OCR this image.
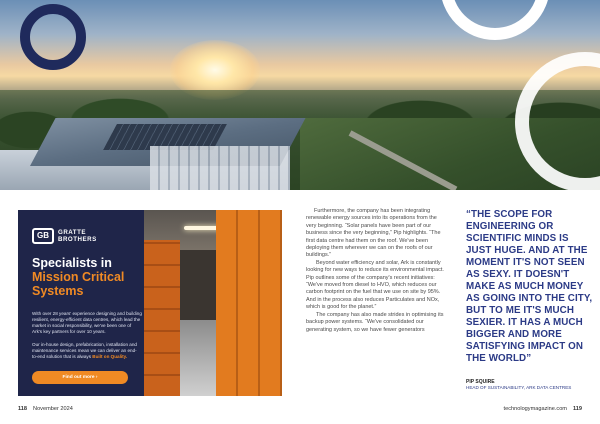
GB	GRATTE
BROTHERS
Specialists in
Mission Critical
Systems
With over 28 years' experience designing and building resilient, energy-efficient data centres, which lead the market in social responsibility, we've been one of Ark's key partners for over 10 years.
Our in-house design, prefabrication, installation and maintenance services mean we can deliver an end-to-end solution that is always Built on Quality.
Find out more ›

Furthermore, the company has been integrating renewable energy sources into its operations from the very beginning. “Solar panels have been part of our business since the very beginning,” Pip highlights. “The first data centre had them on the roof. We've been deploying them wherever we can on the roofs of our buildings.”

Beyond water efficiency and solar, Ark is constantly looking for new ways to reduce its environmental impact. Pip outlines some of the company's recent initiatives: “We've moved from diesel to HVO, which reduces our carbon footprint on the fuel that we use on site by 95%. And in the process also reduces Particulates and NOx, which is good for the planet.”

The company has also made strides in optimising its backup power systems. “We've consolidated our generating system, so we have fewer generators

“THE SCOPE FOR ENGINEERING OR SCIENTIFIC MINDS IS JUST HUGE. AND AT THE MOMENT IT'S NOT SEEN AS SEXY. IT DOESN'T MAKE AS MUCH MONEY AS GOING INTO THE CITY, BUT TO ME IT'S MUCH SEXIER. IT HAS A MUCH BIGGER AND MORE SATISFYING IMPACT ON THE WORLD”
PIP SQUIRE
HEAD OF SUSTAINABILITY, ARK DATA CENTRES
118 November 2024	technologymagazine.com 119
